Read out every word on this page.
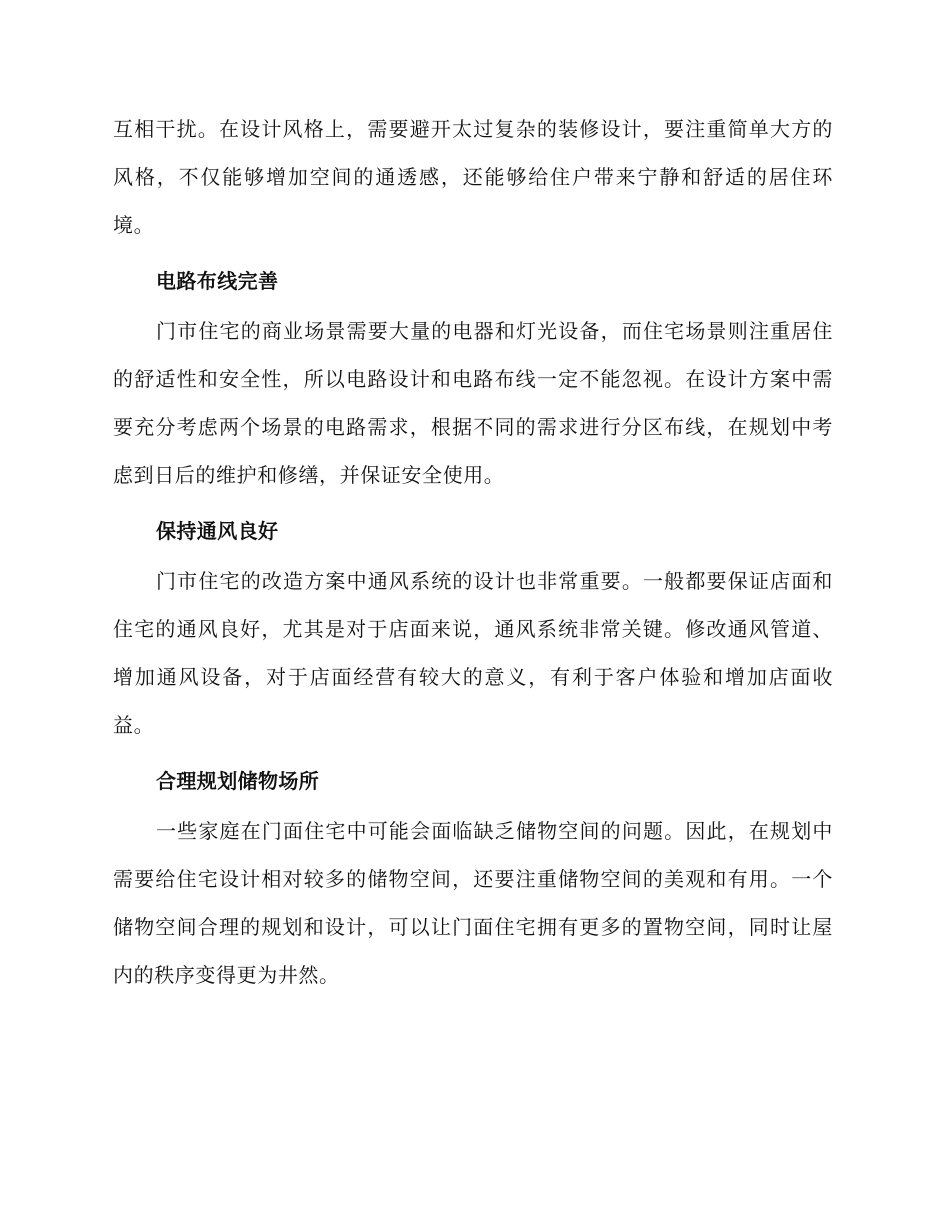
互相干扰。在设计风格上，需要避开太过复杂的装修设计，要注重简单大方的风格，不仅能够增加空间的通透感，还能够给住户带来宁静和舒适的居住环境。

电路布线完善

门市住宅的商业场景需要大量的电器和灯光设备，而住宅场景则注重居住的舒适性和安全性，所以电路设计和电路布线一定不能忽视。在设计方案中需要充分考虑两个场景的电路需求，根据不同的需求进行分区布线，在规划中考虑到日后的维护和修缮，并保证安全使用。

保持通风良好

门市住宅的改造方案中通风系统的设计也非常重要。一般都要保证店面和住宅的通风良好，尤其是对于店面来说，通风系统非常关键。修改通风管道、增加通风设备，对于店面经营有较大的意义，有利于客户体验和增加店面收益。

合理规划储物场所

一些家庭在门面住宅中可能会面临缺乏储物空间的问题。因此，在规划中需要给住宅设计相对较多的储物空间，还要注重储物空间的美观和有用。一个储物空间合理的规划和设计，可以让门面住宅拥有更多的置物空间，同时让屋内的秩序变得更为井然。
